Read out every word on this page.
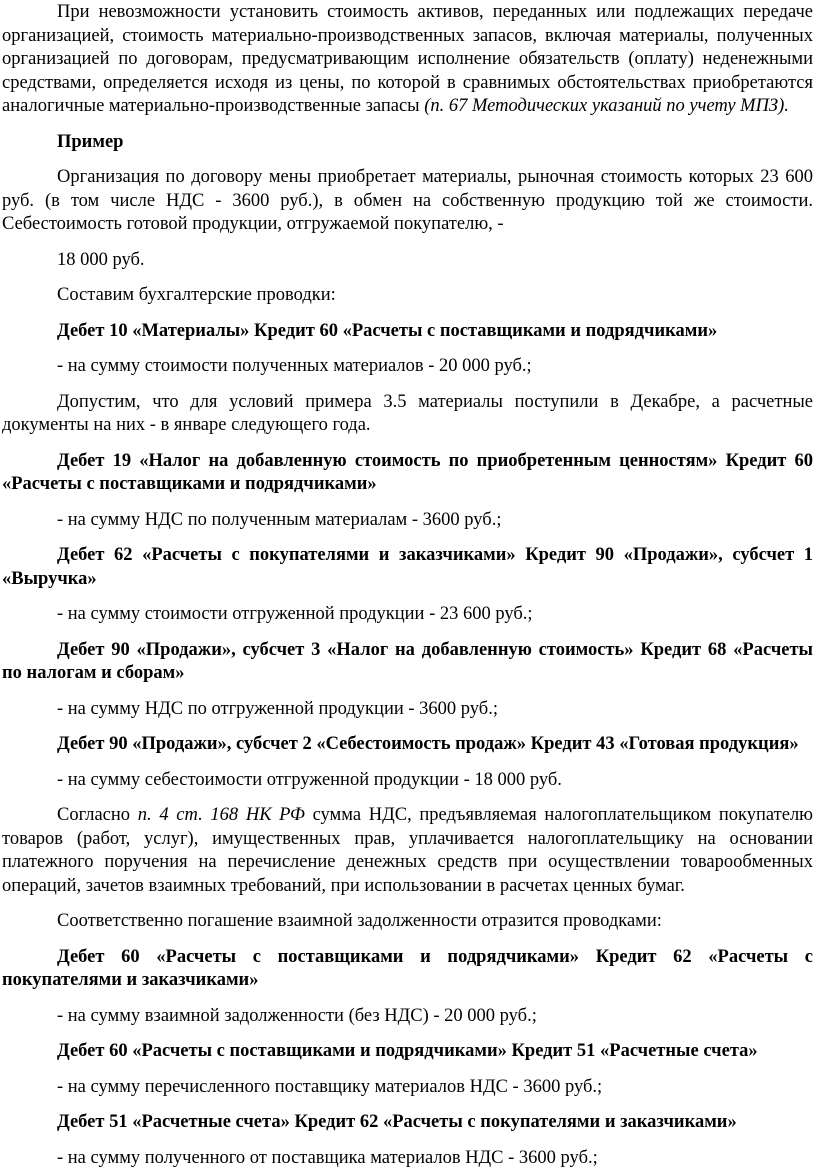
При невозможности установить стоимость активов, переданных или подлежащих передаче организацией, стоимость материально-производственных запасов, включая материалы, полученных организацией по договорам, предусматривающим исполнение обязательств (оплату) неденежными средствами, определяется исходя из цены, по которой в сравнимых обстоятельствах приобретаются аналогичные материально-производственные запасы (п. 67 Методических указаний по учету МПЗ).

Пример

Организация по договору мены приобретает материалы, рыночная стоимость которых 23 600 руб. (в том числе НДС - 3600 руб.), в обмен на собственную продукцию той же стоимости. Себестоимость готовой продукции, отгружаемой покупателю, -

18 000 руб.

Составим бухгалтерские проводки:

Дебет 10 «Материалы» Кредит 60 «Расчеты с поставщиками и подрядчиками»

- на сумму стоимости полученных материалов - 20 000 руб.;

Допустим, что для условий примера 3.5 материалы поступили в Декабре, а расчетные документы на них - в январе следующего года.

Дебет 19 «Налог на добавленную стоимость по приобретенным ценностям» Кредит 60 «Расчеты с поставщиками и подрядчиками»

- на сумму НДС по полученным материалам - 3600 руб.;

Дебет 62 «Расчеты с покупателями и заказчиками» Кредит 90 «Продажи», субсчет 1 «Выручка»

- на сумму стоимости отгруженной продукции - 23 600 руб.;

Дебет 90 «Продажи», субсчет 3 «Налог на добавленную стоимость» Кредит 68 «Расчеты по налогам и сборам»

- на сумму НДС по отгруженной продукции - 3600 руб.;

Дебет 90 «Продажи», субсчет 2 «Себестоимость продаж» Кредит 43 «Готовая продукция»

- на сумму себестоимости отгруженной продукции - 18 000 руб.

Согласно п. 4 ст. 168 НК РФ сумма НДС, предъявляемая налогоплательщиком покупателю товаров (работ, услуг), имущественных прав, уплачивается налогоплательщику на основании платежного поручения на перечисление денежных средств при осуществлении товарообменных операций, зачетов взаимных требований, при использовании в расчетах ценных бумаг.

Соответственно погашение взаимной задолженности отразится проводками:

Дебет 60 «Расчеты с поставщиками и подрядчиками» Кредит 62 «Расчеты с покупателями и заказчиками»

- на сумму взаимной задолженности (без НДС) - 20 000 руб.;

Дебет 60 «Расчеты с поставщиками и подрядчиками» Кредит 51 «Расчетные счета»

- на сумму перечисленного поставщику материалов НДС - 3600 руб.;

Дебет 51 «Расчетные счета» Кредит 62 «Расчеты с покупателями и заказчиками»

- на сумму полученного от поставщика материалов НДС - 3600 руб.;
